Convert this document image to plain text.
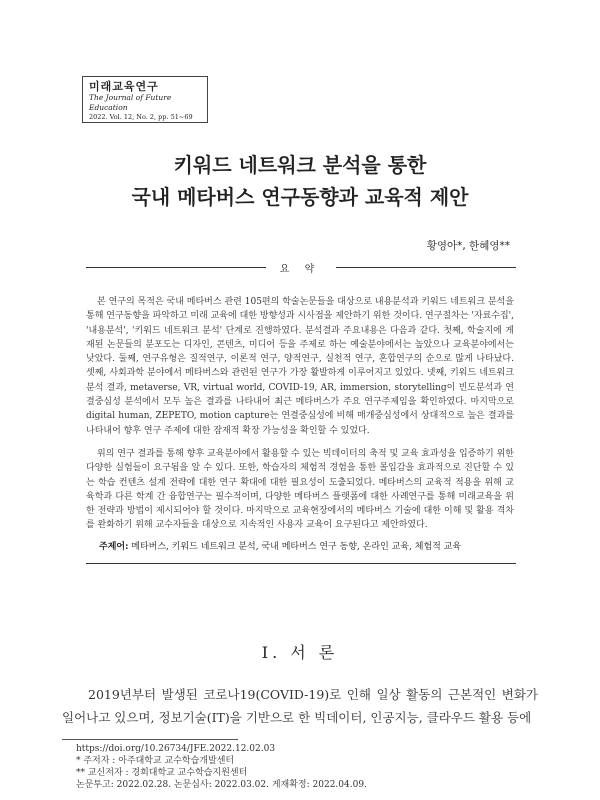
미래교육연구
The Journal of Future Education
2022. Vol. 12, No. 2, pp. 51~69
키워드 네트워크 분석을 통한
국내 메타버스 연구동향과 교육적 제안
황영아*, 한혜영**
요 약

본 연구의 목적은 국내 메타버스 관련 105편의 학술논문들을 대상으로 내용분석과 키워드 네트워크 분석을 통해 연구동향을 파악하고 미래 교육에 대한 방향성과 시사점을 제안하기 위한 것이다. 연구절차는 '자료수집', '내용분석', '키워드 네트워크 분석' 단계로 진행하였다. 분석결과 주요내용은 다음과 같다. 첫째, 학술지에 게재된 논문들의 분포도는 디자인, 콘텐츠, 미디어 등을 주제로 하는 예술분야에서는 높았으나 교육분야에서는 낮았다. 둘째, 연구유형은 질적연구, 이론적 연구, 양적연구, 실천적 연구, 혼합연구의 순으로 많게 나타났다. 셋째, 사회과학 분야에서 메타버스와 관련된 연구가 가장 활발하게 이루어지고 있었다. 넷째, 키워드 네트워크 분석 결과, metaverse, VR, virtual world, COVID-19, AR, immersion, storytelling이 빈도분석과 연결중심성 분석에서 모두 높은 결과를 나타내어 최근 메타버스가 주요 연구주제임을 확인하였다. 마지막으로 digital human, ZEPETO, motion capture는 연결중심성에 비해 매개중심성에서 상대적으로 높은 결과를 나타내어 향후 연구 주제에 대한 잠재적 확장 가능성을 확인할 수 있었다.

위의 연구 결과를 통해 향후 교육분야에서 활용할 수 있는 빅데이터의 축적 및 교육 효과성을 입증하기 위한 다양한 실험들이 요구됨을 알 수 있다. 또한, 학습자의 체험적 경험을 통한 몰입감을 효과적으로 진단할 수 있는 학습 컨텐츠 설계 전략에 대한 연구 확대에 대한 필요성이 도출되었다. 메타버스의 교육적 적용을 위해 교육학과 다른 학계 간 융합연구는 필수적이며, 다양한 메타버스 플랫폼에 대한 사례연구를 통해 미래교육을 위한 전략과 방법이 제시되어야 할 것이다. 마지막으로 교육현장에서의 메타버스 기술에 대한 이해 및 활용 격차를 완화하기 위해 교수자들을 대상으로 지속적인 사용자 교육이 요구된다고 제안하였다.

주제어: 메타버스, 키워드 네트워크 분석, 국내 메타버스 연구 동향, 온라인 교육, 체험적 교육
Ⅰ. 서 론

2019년부터 발생된 코로나19(COVID-19)로 인해 일상 활동의 근본적인 변화가 일어나고 있으며, 정보기술(IT)을 기반으로 한 빅데이터, 인공지능, 클라우드 활용 등에

https://doi.org/10.26734/JFE.2022.12.02.03
* 주저자 : 아주대학교 교수학습개발센터
** 교신저자 : 경희대학교 교수학습지원센터
논문투고: 2022.02.28. 논문심사: 2022.03.02. 게재확정: 2022.04.09.
